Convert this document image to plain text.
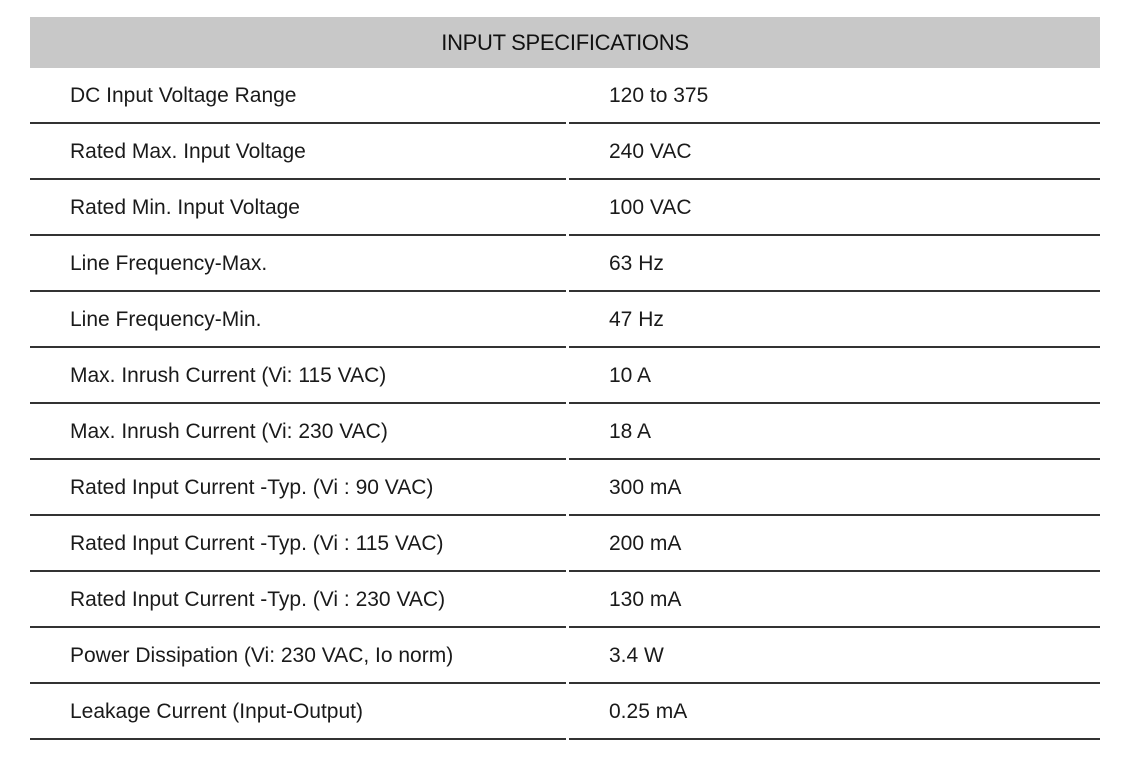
INPUT SPECIFICATIONS
DC Input Voltage Range	120 to 375
Rated Max. Input Voltage	240 VAC
Rated Min. Input Voltage	100 VAC
Line Frequency-Max.	63 Hz
Line Frequency-Min.	47 Hz
Max. Inrush Current (Vi: 115 VAC)	10 A
Max. Inrush Current (Vi: 230 VAC)	18 A
Rated Input Current -Typ. (Vi : 90 VAC)	300 mA
Rated Input Current -Typ. (Vi : 115 VAC)	200 mA
Rated Input Current -Typ. (Vi : 230 VAC)	130 mA
Power Dissipation (Vi: 230 VAC, Io norm)	3.4 W
Leakage Current (Input-Output)	0.25 mA
